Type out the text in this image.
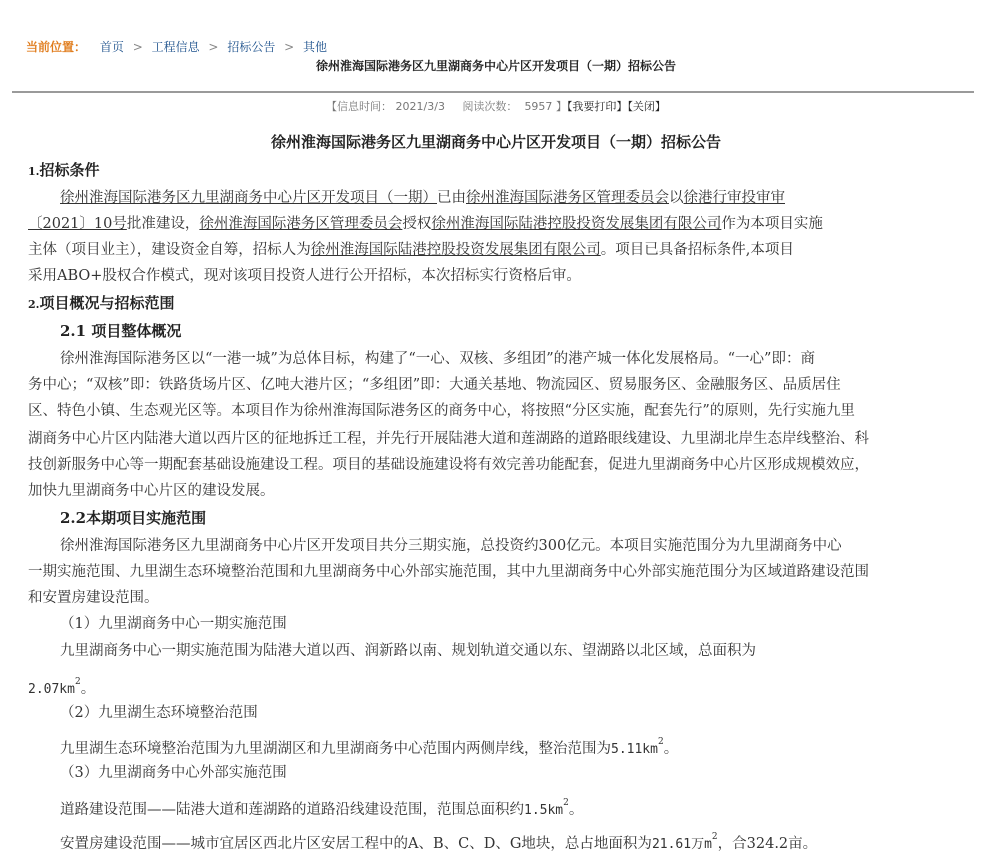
当前位置： 首页 > 工程信息 > 招标公告 > 其他
徐州淮海国际港务区九里湖商务中心片区开发项目（一期）招标公告
【信息时间： 2021/3/3 阅读次数： 5957 】【我要打印】【关闭】
徐州淮海国际港务区九里湖商务中心片区开发项目（一期）招标公告
1.招标条件
徐州淮海国际港务区九里湖商务中心片区开发项目（一期）已由徐州淮海国际港务区管理委员会以徐港行审投审审
〔2021〕10号批准建设，徐州淮海国际港务区管理委员会授权徐州淮海国际陆港控股投资发展集团有限公司作为本项目实施
主体（项目业主），建设资金自筹，招标人为徐州淮海国际陆港控股投资发展集团有限公司。项目已具备招标条件,本项目
采用ABO+股权合作模式，现对该项目投资人进行公开招标，本次招标实行资格后审。
2.项目概况与招标范围
2.1 项目整体概况
徐州淮海国际港务区以“一港一城”为总体目标，构建了“一心、双核、多组团”的港产城一体化发展格局。“一心”即：商
务中心；“双核”即：铁路货场片区、亿吨大港片区；“多组团”即：大通关基地、物流园区、贸易服务区、金融服务区、品质居住
区、特色小镇、生态观光区等。本项目作为徐州淮海国际港务区的商务中心，将按照“分区实施，配套先行”的原则，先行实施九里
湖商务中心片区内陆港大道以西片区的征地拆迁工程，并先行开展陆港大道和莲湖路的道路眼线建设、九里湖北岸生态岸线整治、科
技创新服务中心等一期配套基础设施建设工程。项目的基础设施建设将有效完善功能配套，促进九里湖商务中心片区形成规模效应，
加快九里湖商务中心片区的建设发展。
2.2本期项目实施范围
徐州淮海国际港务区九里湖商务中心片区开发项目共分三期实施，总投资约300亿元。本项目实施范围分为九里湖商务中心
一期实施范围、九里湖生态环境整治范围和九里湖商务中心外部实施范围，其中九里湖商务中心外部实施范围分为区域道路建设范围
和安置房建设范围。
（1）九里湖商务中心一期实施范围
九里湖商务中心一期实施范围为陆港大道以西、润新路以南、规划轨道交通以东、望湖路以北区域，总面积为
$2.07km^2$。
（2）九里湖生态环境整治范围
九里湖生态环境整治范围为九里湖湖区和九里湖商务中心范围内两侧岸线，整治范围为$5.11km^2$。
（3）九里湖商务中心外部实施范围
道路建设范围——陆港大道和莲湖路的道路沿线建设范围，范围总面积约$1.5km^2$。
安置房建设范围——城市宜居区西北片区安居工程中的A、B、C、D、G地块，总占地面积为21.61万$m^2$，合324.2亩。
